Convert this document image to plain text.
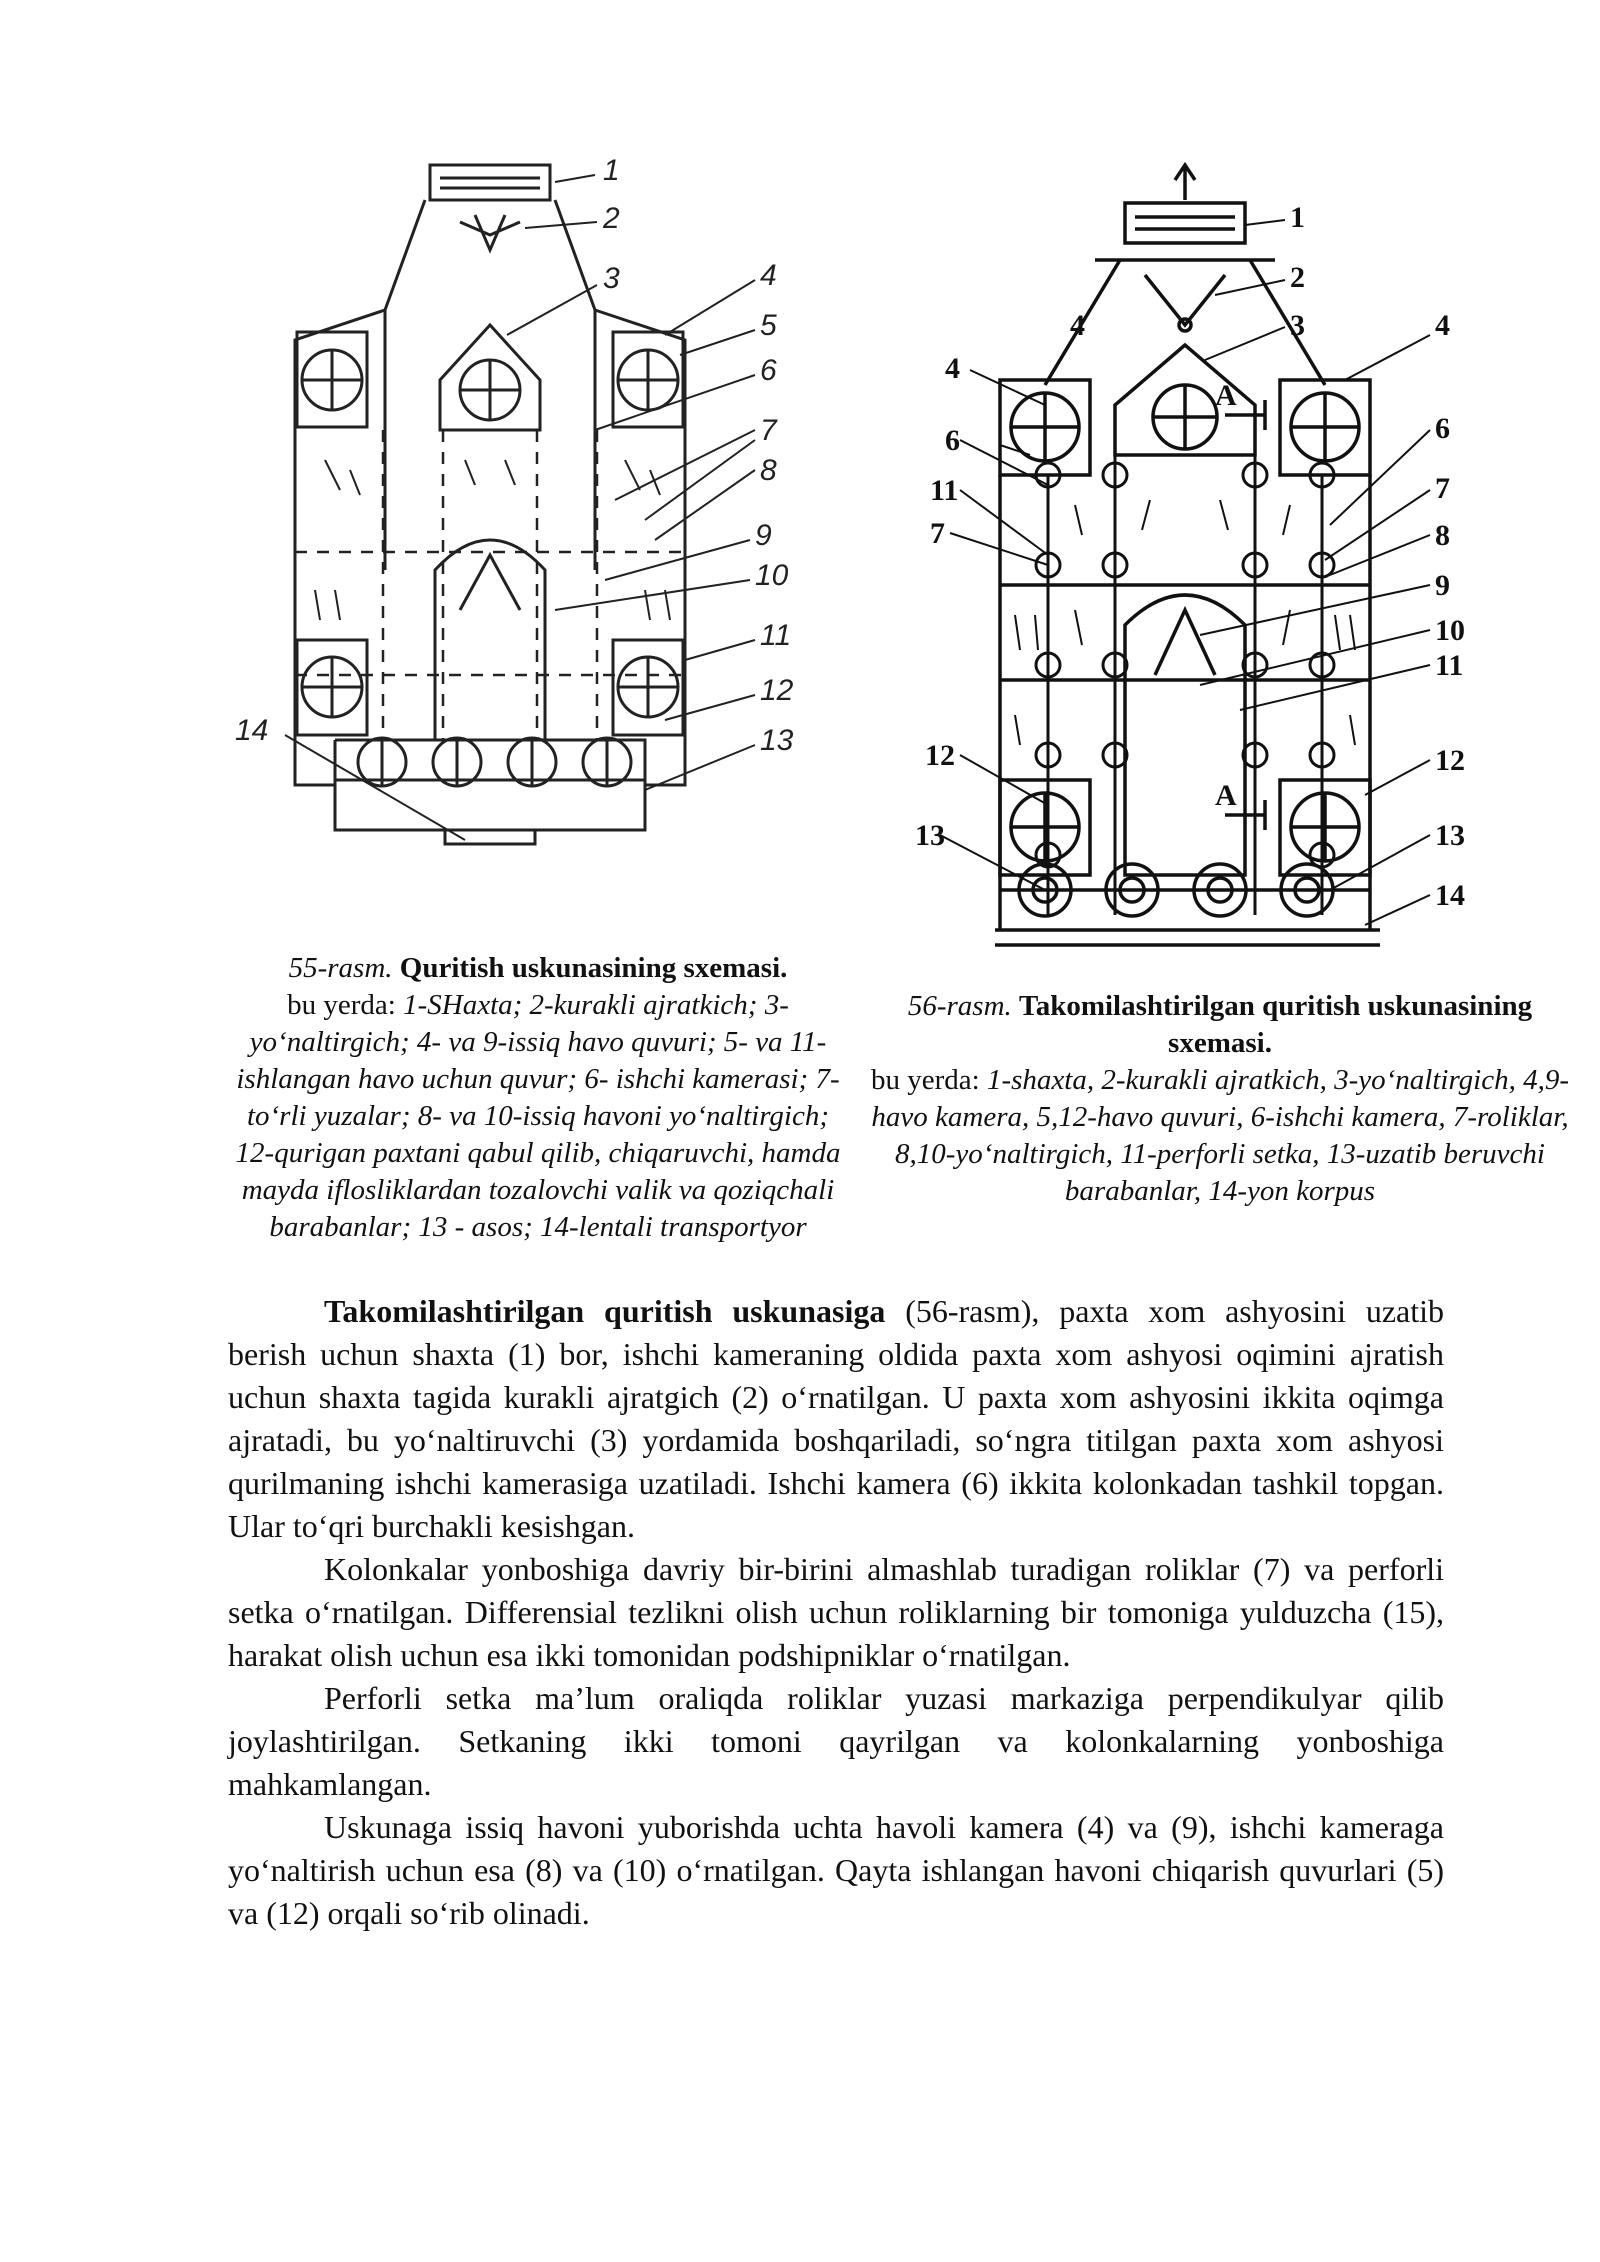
1
2
3	4
5
6
7
8
9
10
11
12
13
14
55-rasm. Quritish uskunasining sxemasi.
bu yerda: 1-SHaxta; 2-kurakli ajratkich; 3-yo‘naltirgich; 4- va 9-issiq havo quvuri; 5- va 11- ishlangan havo uchun quvur; 6- ishchi kamerasi; 7- to‘rli yuzalar; 8- va 10-issiq havoni yo‘naltirgich; 12-qurigan paxtani qabul qilib, chiqaruvchi, hamda mayda iflosliklardan tozalovchi valik va qoziqchali barabanlar; 13 - asos; 14-lentali transportyor
1
2
3	4
4
6
7
8
9
10
11
12
13
14
4
6
11
7
12
13
A
A
56-rasm. Takomilashtirilgan quritish uskunasining sxemasi.
bu yerda: 1-shaxta, 2-kurakli ajratkich, 3-yo‘naltirgich, 4,9-havo kamera, 5,12-havo quvuri, 6-ishchi kamera, 7-roliklar, 8,10-yo‘naltirgich, 11-perforli setka, 13-uzatib beruvchi barabanlar, 14-yon korpus

Takomilashtirilgan quritish uskunasiga (56-rasm), paxta xom ashyosini uzatib berish uchun shaxta (1) bor, ishchi kameraning oldida paxta xom ashyosi oqimini ajratish uchun shaxta tagida kurakli ajratgich (2) o‘rnatilgan. U paxta xom ashyosini ikkita oqimga ajratadi, bu yo‘naltiruvchi (3) yordamida boshqariladi, so‘ngra titilgan paxta xom ashyosi qurilmaning ishchi kamerasiga uzatiladi. Ishchi kamera (6) ikkita kolonkadan tashkil topgan. Ular to‘qri burchakli kesishgan.

Kolonkalar yonboshiga davriy bir-birini almashlab turadigan roliklar (7) va perforli setka o‘rnatilgan. Differensial tezlikni olish uchun roliklarning bir tomoniga yulduzcha (15), harakat olish uchun esa ikki tomonidan podshipniklar o‘rnatilgan.

Perforli setka ma’lum oraliqda roliklar yuzasi markaziga perpendikulyar qilib joylashtirilgan. Setkaning ikki tomoni qayrilgan va kolonkalarning yonboshiga mahkamlangan.

Uskunaga issiq havoni yuborishda uchta havoli kamera (4) va (9), ishchi kameraga yo‘naltirish uchun esa (8) va (10) o‘rnatilgan. Qayta ishlangan havoni chiqarish quvurlari (5) va (12) orqali so‘rib olinadi.
